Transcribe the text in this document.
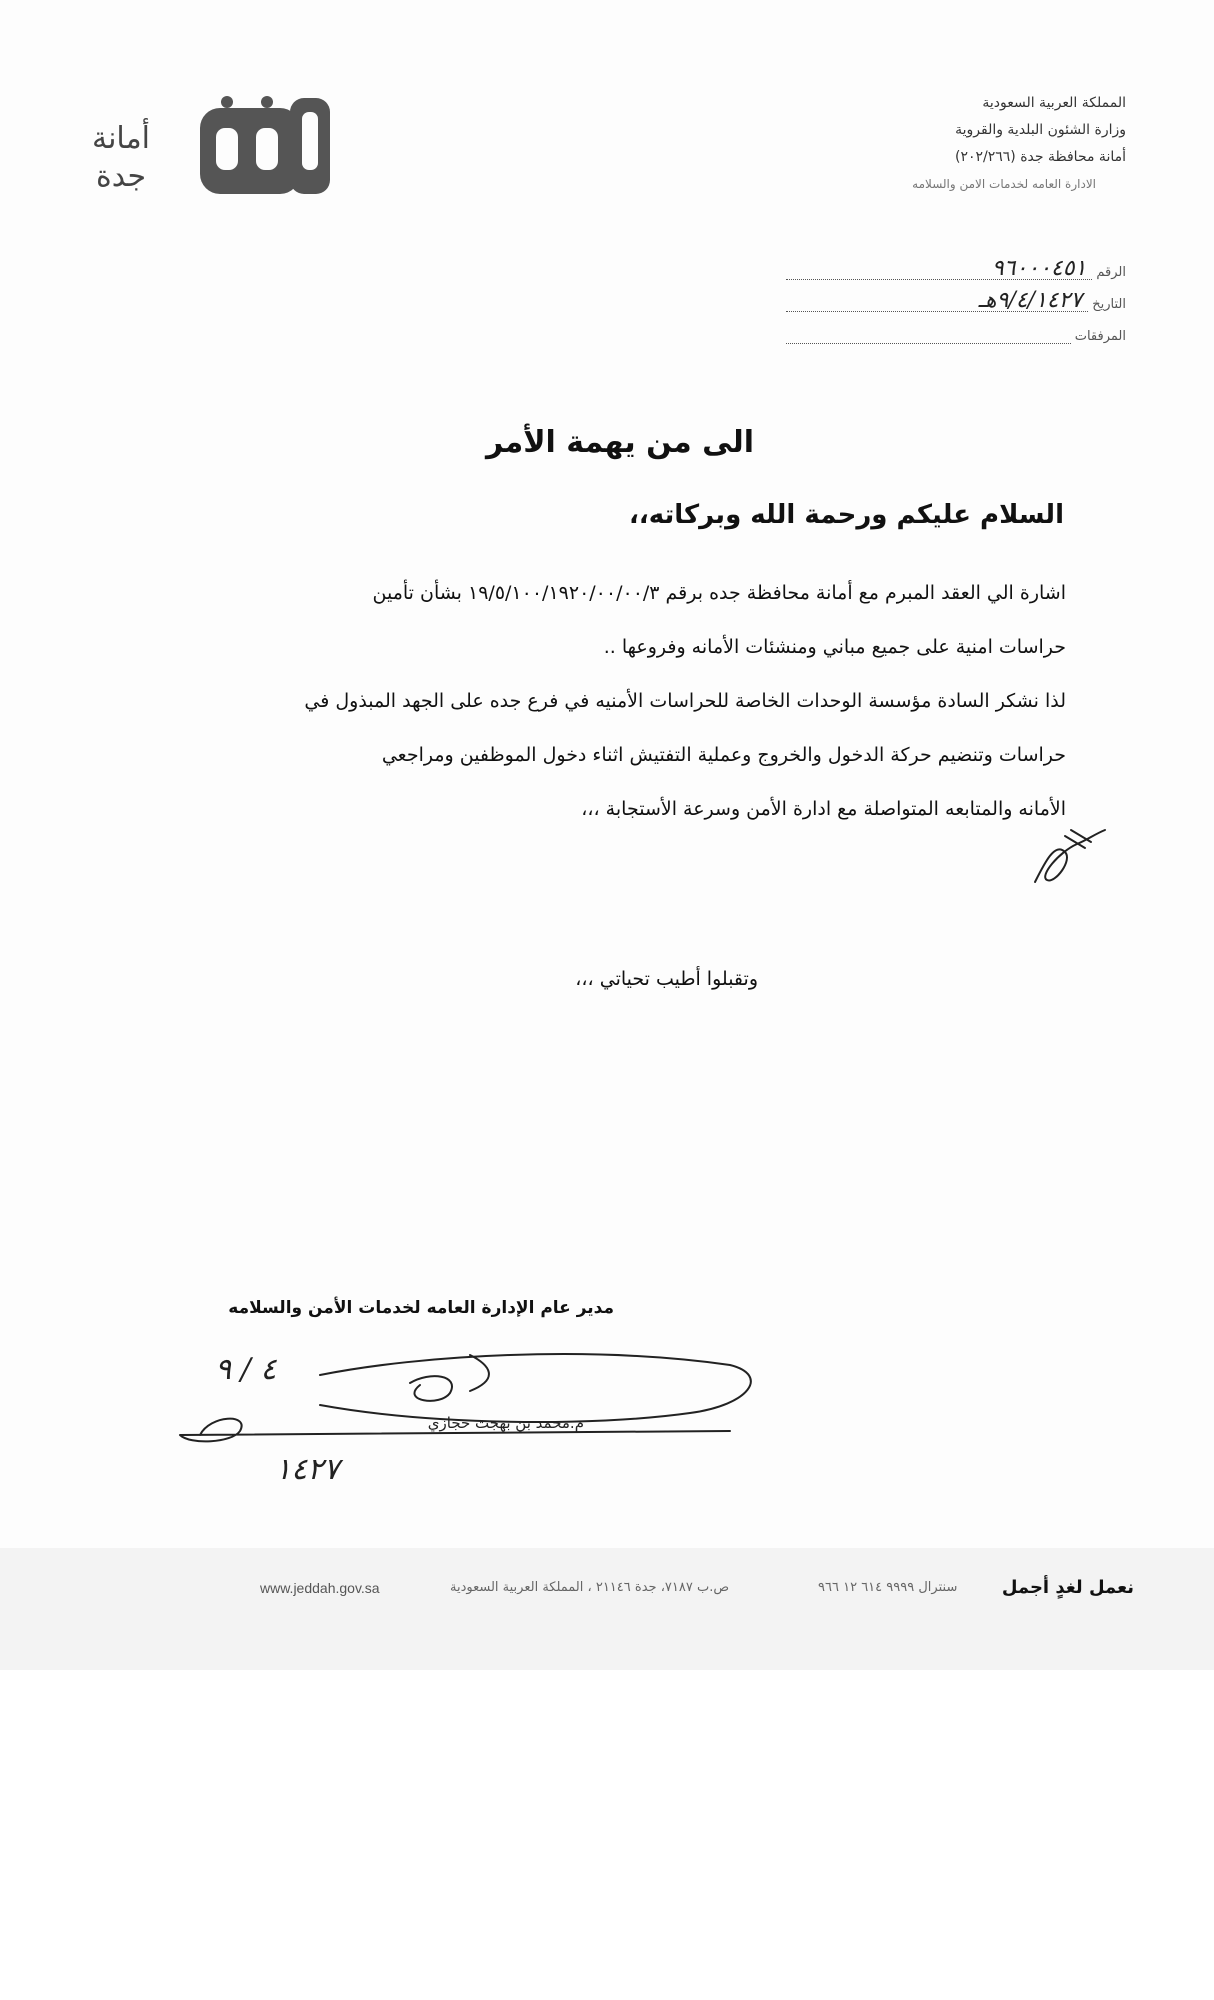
أمانة
جدة
المملكة العربية السعودية
وزارة الشئون البلدية والقروية
أمانة محافظة جدة (٢٠٢/٢٦٦)
الادارة العامه لخدمات الامن والسلامه
الرقم
٩٦٠٠٠٤٥١
التاريخ
٩/٤/١٤٢٧هـ
المرفقات
الى من يهمة الأمر
السلام عليكم ورحمة الله وبركاته،،

اشارة الي العقد المبرم مع أمانة محافظة جده برقم ١٩/٥/١٠٠/١٩٢٠/٠٠/٠٠/٣ بشأن تأمين

حراسات امنية على جميع مباني ومنشئات الأمانه وفروعها ..

لذا نشكر السادة مؤسسة الوحدات الخاصة للحراسات الأمنيه في فرع جده على الجهد المبذول في

حراسات وتنضيم حركة الدخول والخروج وعملية التفتيش اثناء دخول الموظفين ومراجعي

الأمانه والمتابعه المتواصلة مع ادارة الأمن وسرعة الأستجابة ،،،

وتقبلوا أطيب تحياتي ،،،
مدير عام الإدارة العامه لخدمات الأمن والسلامه
٤ / ٩
م.محمد بن بهجت حجازي
١٤٢٧
www.jeddah.gov.sa	ص.ب ٧١٨٧، جدة ٢١١٤٦ ، المملكة العربية السعودية	سنترال ٩٩٩٩ ٦١٤ ١٢ ٩٦٦ نعمل لغدٍ أجمل
